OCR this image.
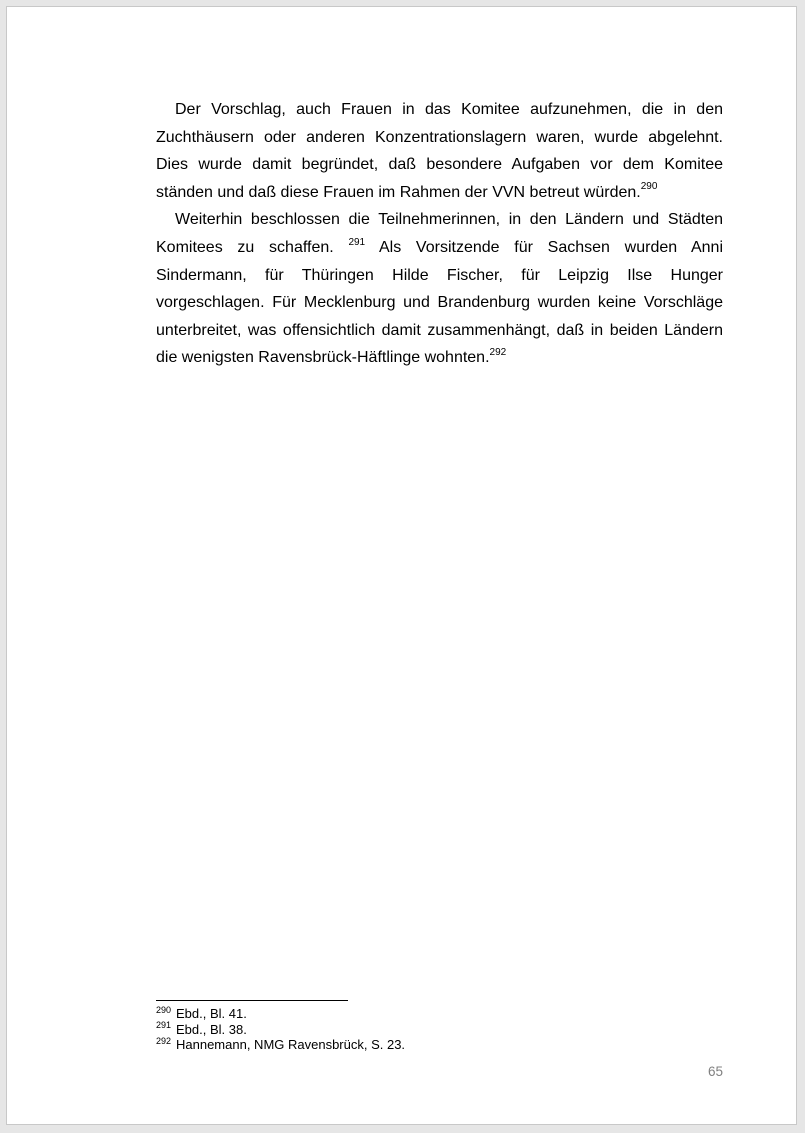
Der Vorschlag, auch Frauen in das Komitee aufzunehmen, die in den Zuchthäusern oder anderen Konzentrationslagern waren, wurde abgelehnt. Dies wurde damit begründet, daß besondere Aufgaben vor dem Komitee ständen und daß diese Frauen im Rahmen der VVN betreut würden.$^{290}$

Weiterhin beschlossen die Teilnehmerinnen, in den Ländern und Städten Komitees zu schaffen. $^{291}$ Als Vorsitzende für Sachsen wurden Anni Sindermann, für Thüringen Hilde Fischer, für Leipzig Ilse Hunger vorgeschlagen. Für Mecklenburg und Brandenburg wurden keine Vorschläge unterbreitet, was offensichtlich damit zusammenhängt, daß in beiden Ländern die wenigsten Ravensbrück-Häftlinge wohnten.$^{292}$

$^{290}$ Ebd., Bl. 41.
$^{291}$ Ebd., Bl. 38.
$^{292}$ Hannemann, NMG Ravensbrück, S. 23.
65
